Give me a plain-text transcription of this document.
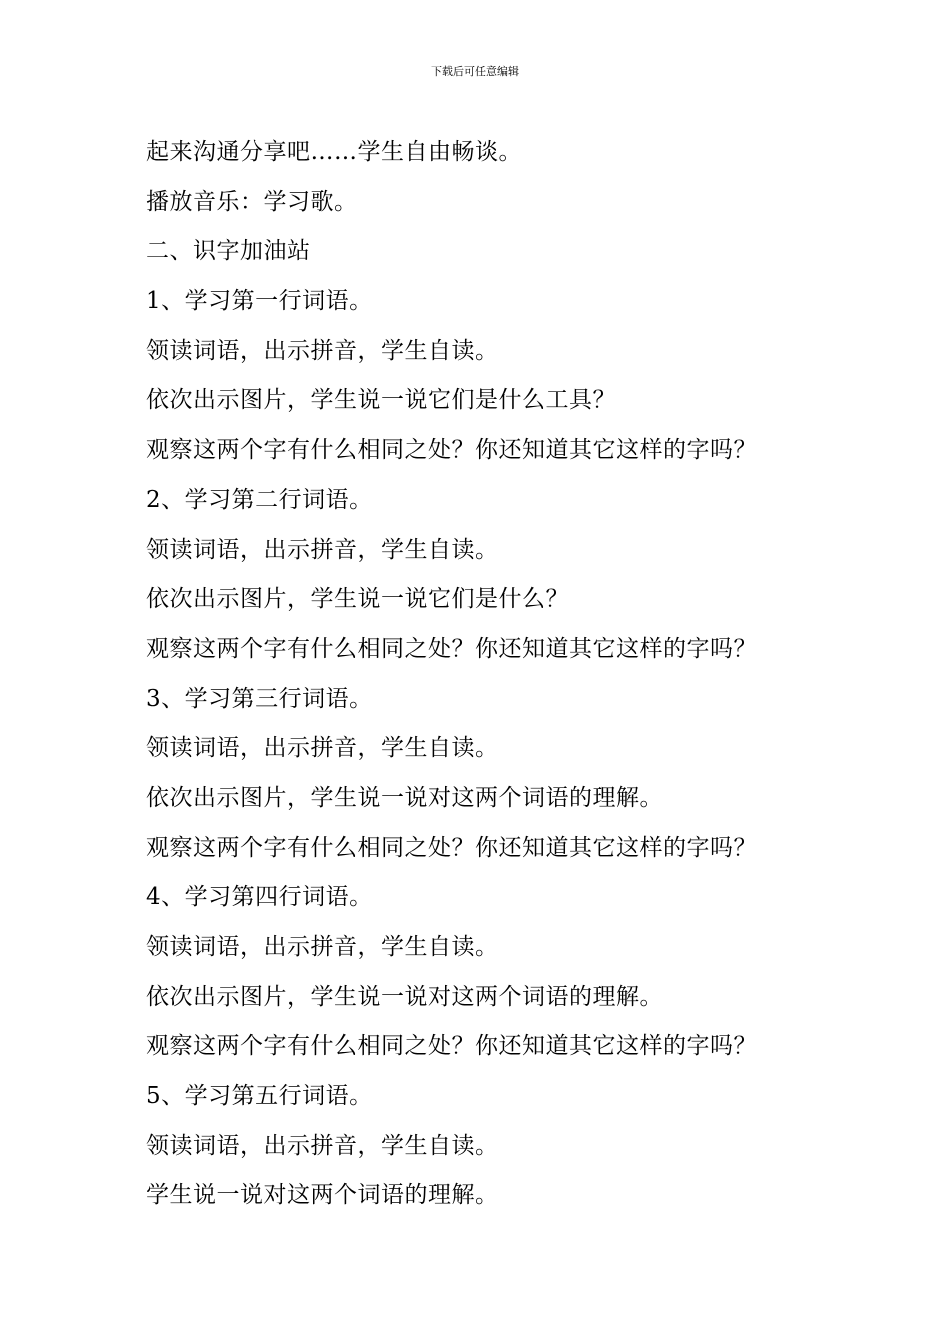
下载后可任意编辑
起来沟通分享吧……学生自由畅谈。
播放音乐：学习歌。
二、识字加油站
1、学习第一行词语。
领读词语，出示拼音，学生自读。
依次出示图片，学生说一说它们是什么工具？
观察这两个字有什么相同之处？你还知道其它这样的字吗？
2、学习第二行词语。
领读词语，出示拼音，学生自读。
依次出示图片，学生说一说它们是什么？
观察这两个字有什么相同之处？你还知道其它这样的字吗？
3、学习第三行词语。
领读词语，出示拼音，学生自读。
依次出示图片，学生说一说对这两个词语的理解。
观察这两个字有什么相同之处？你还知道其它这样的字吗？
4、学习第四行词语。
领读词语，出示拼音，学生自读。
依次出示图片，学生说一说对这两个词语的理解。
观察这两个字有什么相同之处？你还知道其它这样的字吗？
5、学习第五行词语。
领读词语，出示拼音，学生自读。
学生说一说对这两个词语的理解。
